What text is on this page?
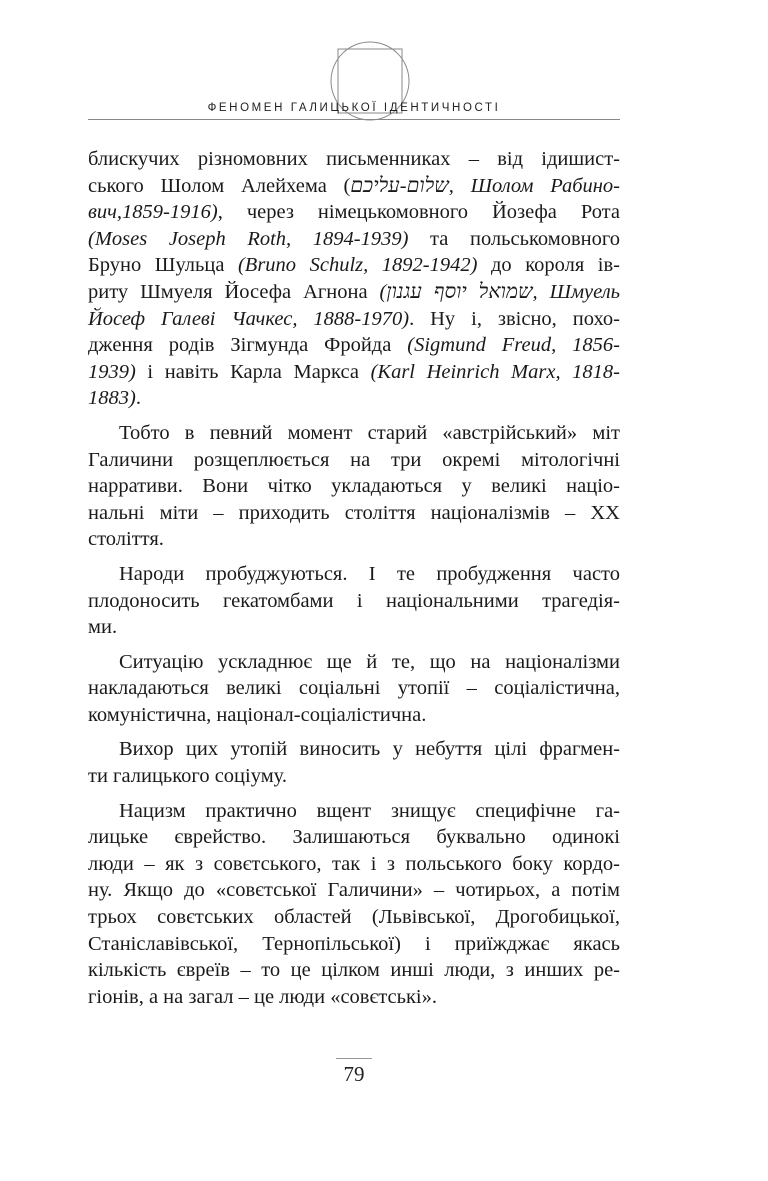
ФЕНОМЕН ГАЛИЦЬКОЇ ІДЕНТИЧНОСТІ
блискучих різномовних письменниках – від ідишист-
ського Шолом Алейхема (שלום-עליכם, Шолом Рабино-
вич,1859-1916), через німецькомовного Йозефа Рота
(Moses Joseph Roth, 1894-1939) та польськомовного
Бруно Шульца (Bruno Schulz, 1892-1942) до короля ів-
риту Шмуеля Йосефа Агнона (שמואל יוסף עגנון, Шмуель
Йосеф Галеві Чачкес, 1888-1970). Ну і, звісно, похо-
дження родів Зігмунда Фройда (Sigmund Freud, 1856-
1939) і навіть Карла Маркса (Karl Heinrich Marx, 1818-
1883).
Тобто в певний момент старий «австрійський» міт
Галичини розщеплюється на три окремі мітологічні
нарративи. Вони чітко укладаються у великі націо-
нальні міти – приходить століття націоналізмів – XX
століття.
Народи пробуджуються. І те пробудження часто
плодоносить гекатомбами і національними трагедія-
ми.
Ситуацію ускладнює ще й те, що на націоналізми
накладаються великі соціальні утопії – соціалістична,
комуністична, націонал-соціалістична.
Вихор цих утопій виносить у небуття цілі фрагмен-
ти галицького соціуму.
Нацизм практично вщент знищує специфічне га-
лицьке єврейство. Залишаються буквально одинокі
люди – як з совєтського, так і з польського боку кордо-
ну. Якщо до «совєтської Галичини» – чотирьох, а потім
трьох совєтських областей (Львівської, Дрогобицької,
Станіславівської, Тернопільської) і приїжджає якась
кількість євреїв – то це цілком инші люди, з инших ре-
гіонів, а на загал – це люди «совєтські».
79
